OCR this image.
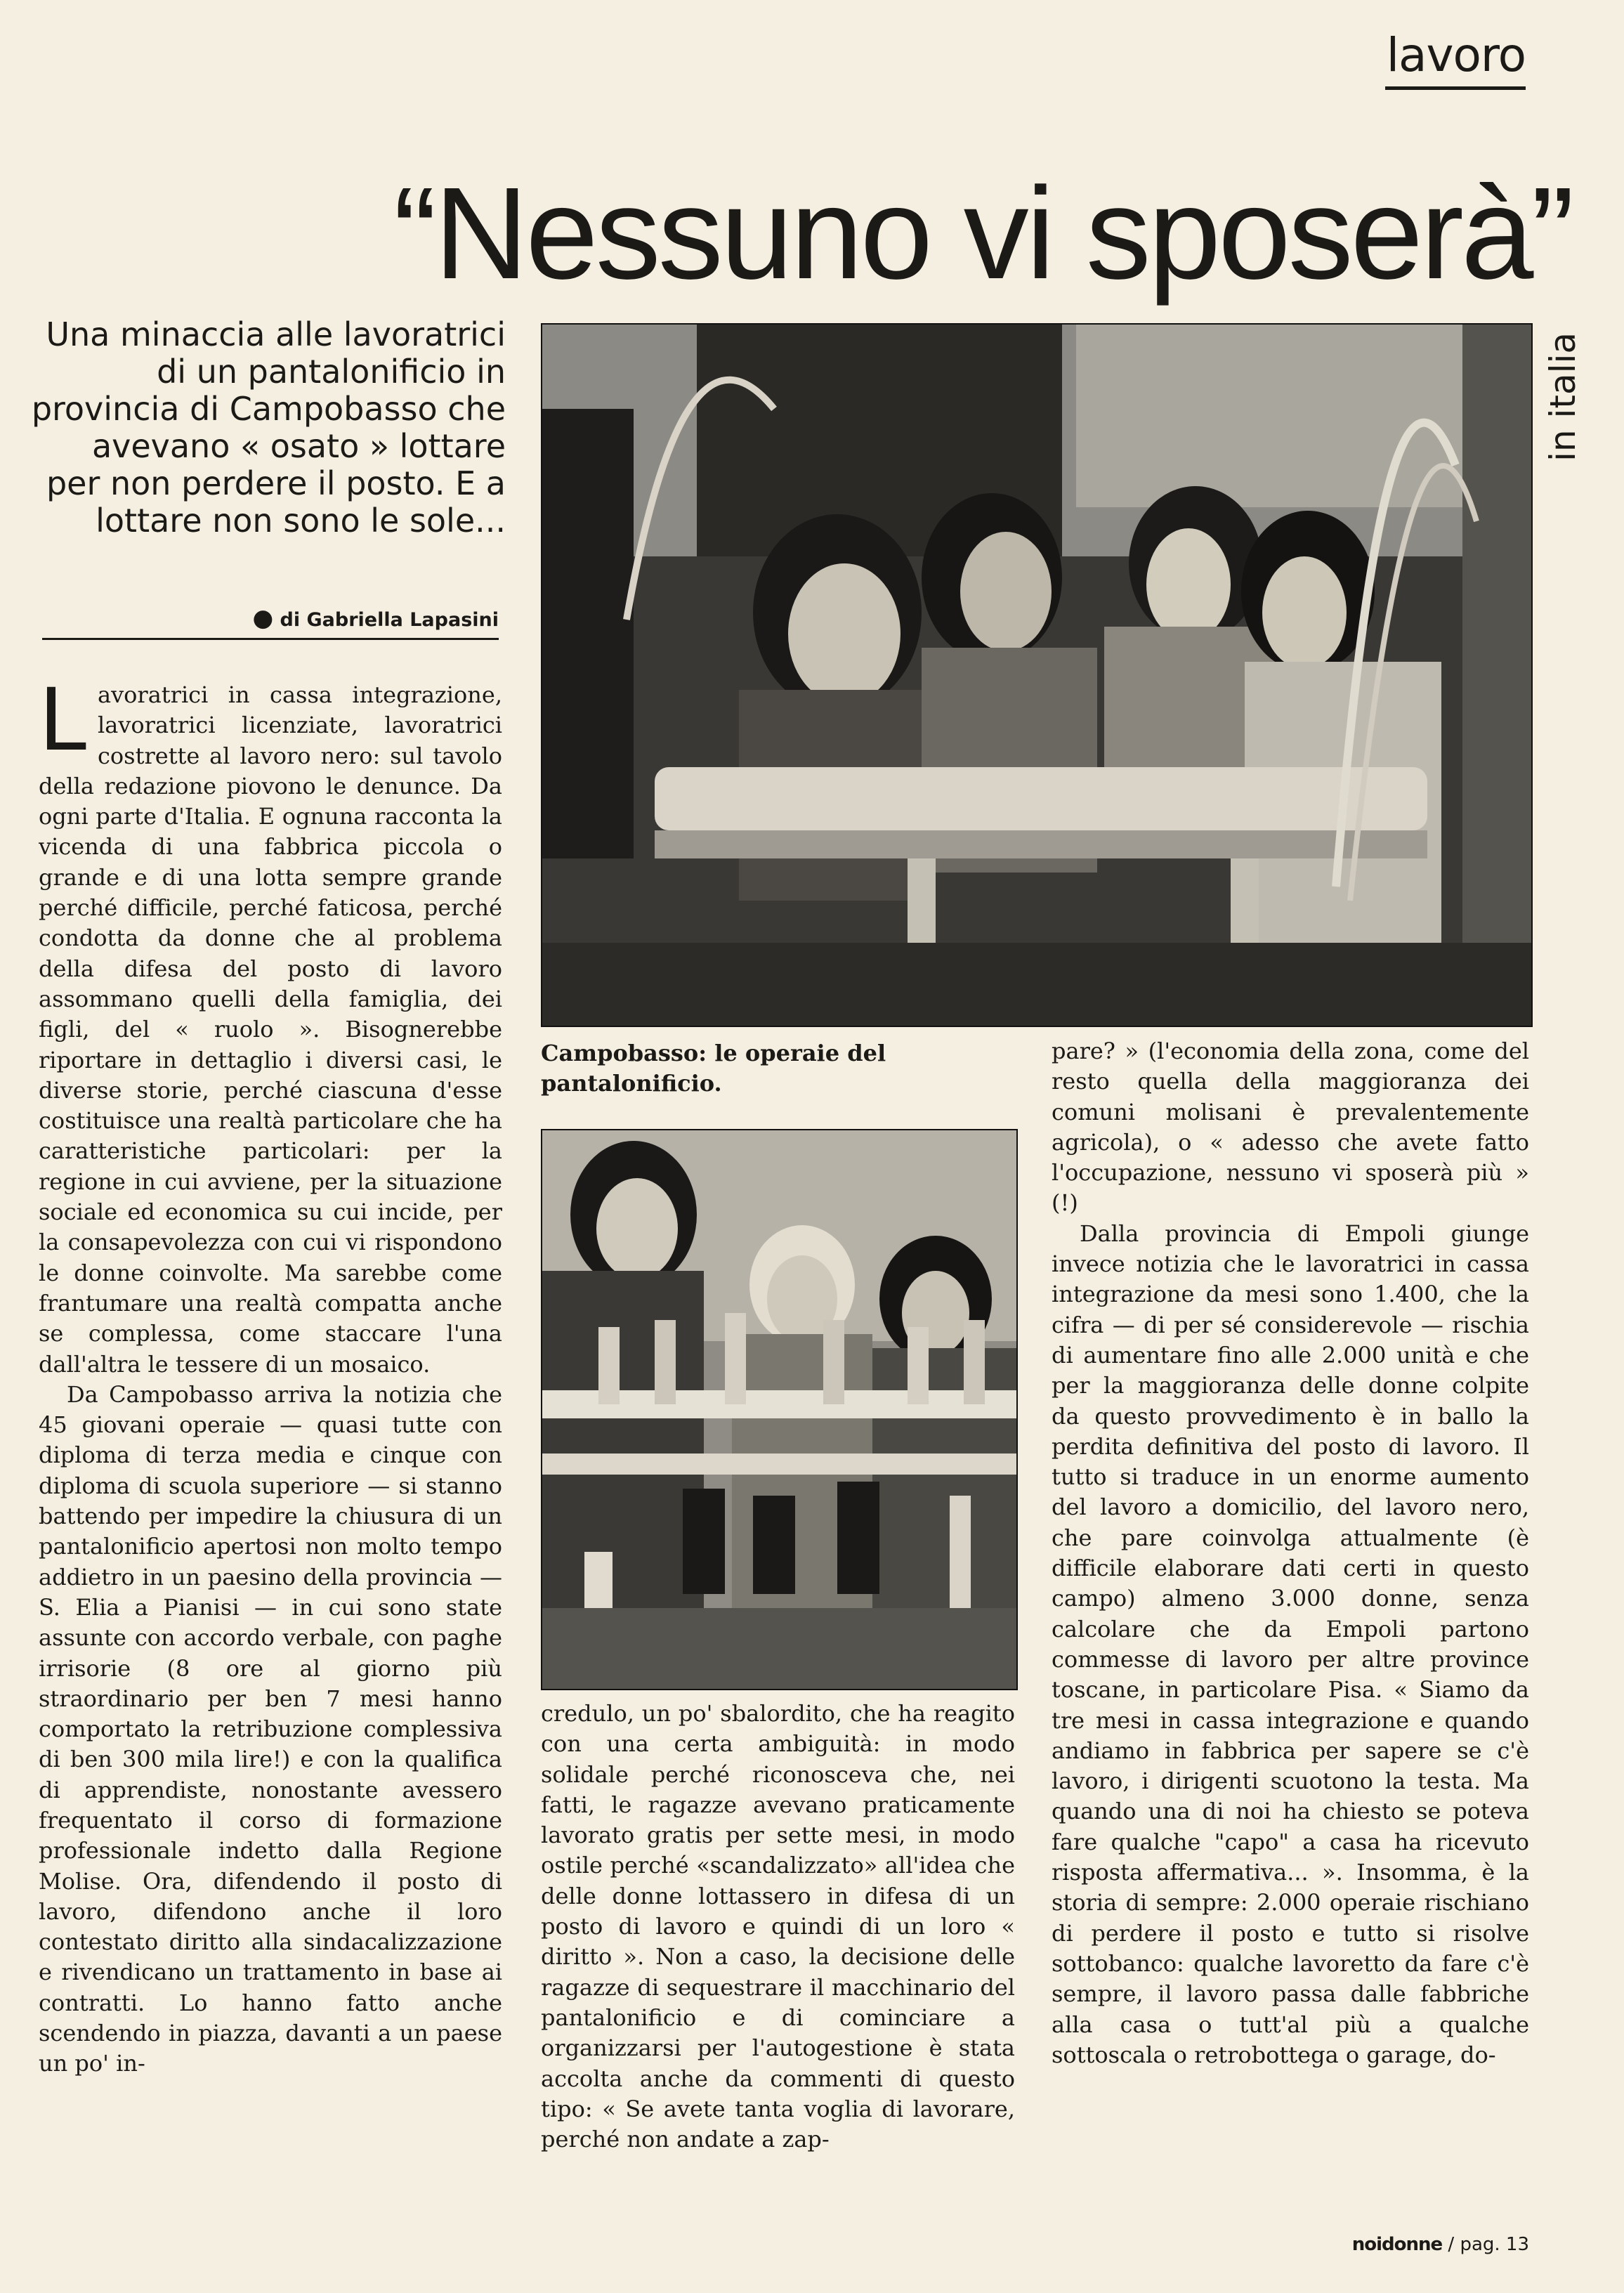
lavoro
“Nessuno vi sposerà”
in italia
Una minaccia alle lavoratrici di un pantalonificio in provincia di Campobasso che avevano « osato » lottare per non perdere il posto. E a lottare non sono le sole...
● di Gabriella Lapasini
Campobasso: le operaie del pantalonificio.

Lavoratrici in cassa integrazione, lavoratrici licenziate, lavoratrici costrette al lavoro nero: sul tavolo della redazione piovono le denunce. Da ogni parte d'Italia. E ognuna racconta la vicenda di una fabbrica piccola o grande e di una lotta sempre grande perché difficile, perché faticosa, perché condotta da donne che al problema della difesa del posto di lavoro assommano quelli della famiglia, dei figli, del « ruolo ». Bisognerebbe riportare in dettaglio i diversi casi, le diverse storie, perché ciascuna d'esse costituisce una realtà particolare che ha caratteristiche particolari: per la regione in cui avviene, per la situazione sociale ed economica su cui incide, per la consapevolezza con cui vi rispondono le donne coinvolte. Ma sarebbe come frantumare una realtà compatta anche se complessa, come staccare l'una dall'altra le tessere di un mosaico.

Da Campobasso arriva la notizia che 45 giovani operaie — quasi tutte con diploma di terza media e cinque con diploma di scuola superiore — si stanno battendo per impedire la chiusura di un pantalonificio apertosi non molto tempo addietro in un paesino della provincia — S. Elia a Pianisi — in cui sono state assunte con accordo verbale, con paghe irrisorie (8 ore al giorno più straordinario per ben 7 mesi hanno comportato la retribuzione complessiva di ben 300 mila lire!) e con la qualifica di apprendiste, nonostante avessero frequentato il corso di formazione professionale indetto dalla Regione Molise. Ora, difendendo il posto di lavoro, difendono anche il loro contestato diritto alla sindacalizzazione e rivendicano un trattamento in base ai contratti. Lo hanno fatto anche scendendo in piazza, davanti a un paese un po' in-

credulo, un po' sbalordito, che ha reagito con una certa ambiguità: in modo solidale perché riconosceva che, nei fatti, le ragazze avevano praticamente lavorato gratis per sette mesi, in modo ostile perché «scandalizzato» all'idea che delle donne lottassero in difesa di un posto di lavoro e quindi di un loro « diritto ». Non a caso, la decisione delle ragazze di sequestrare il macchinario del pantalonificio e di cominciare a organizzarsi per l'autogestione è stata accolta anche da commenti di questo tipo: « Se avete tanta voglia di lavorare, perché non andate a zap-

pare? » (l'economia della zona, come del resto quella della maggioranza dei comuni molisani è prevalentemente agricola), o « adesso che avete fatto l'occupazione, nessuno vi sposerà più » (!)

Dalla provincia di Empoli giunge invece notizia che le lavoratrici in cassa integrazione da mesi sono 1.400, che la cifra — di per sé considerevole — rischia di aumentare fino alle 2.000 unità e che per la maggioranza delle donne colpite da questo provvedimento è in ballo la perdita definitiva del posto di lavoro. Il tutto si traduce in un enorme aumento del lavoro a domicilio, del lavoro nero, che pare coinvolga attualmente (è difficile elaborare dati certi in questo campo) almeno 3.000 donne, senza calcolare che da Empoli partono commesse di lavoro per altre province toscane, in particolare Pisa. « Siamo da tre mesi in cassa integrazione e quando andiamo in fabbrica per sapere se c'è lavoro, i dirigenti scuotono la testa. Ma quando una di noi ha chiesto se poteva fare qualche "capo" a casa ha ricevuto risposta affermativa... ». Insomma, è la storia di sempre: 2.000 operaie rischiano di perdere il posto e tutto si risolve sottobanco: qualche lavoretto da fare c'è sempre, il lavoro passa dalle fabbriche alla casa o tutt'al più a qualche sottoscala o retrobottega o garage, do-

noidonne / pag. 13
